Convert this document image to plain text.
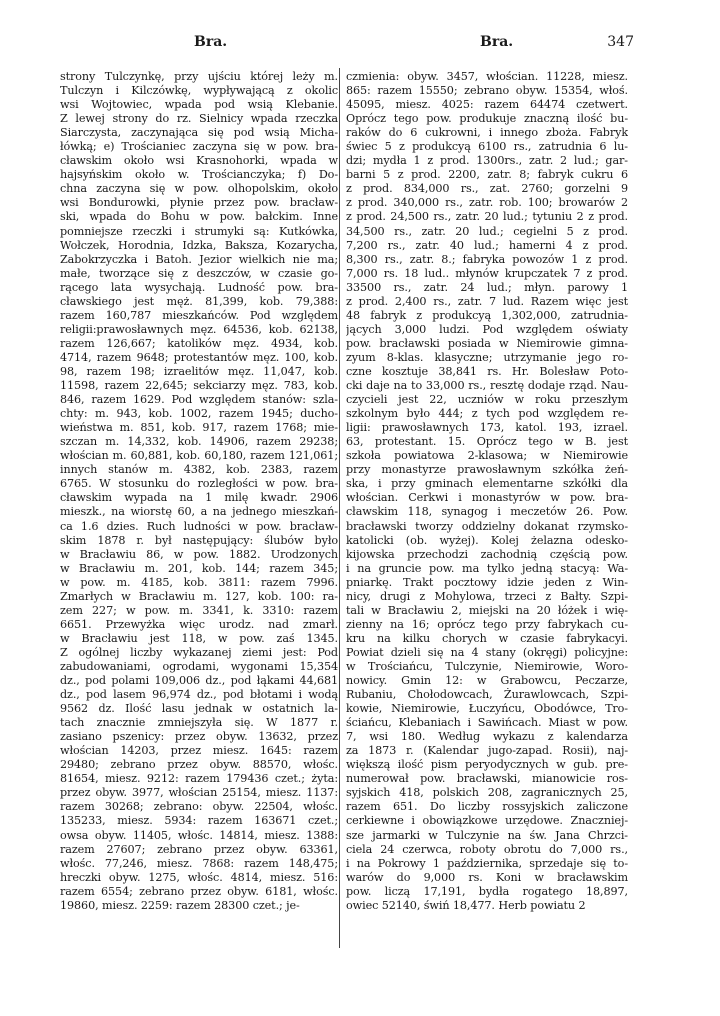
Bra.	Bra.	347
strony Tulczynkę, przy ujściu której leży m.
Tulczyn i Kilczówkę, wypływającą z okolic
wsi Wojtowiec, wpada pod wsią Klebanie.
Z lewej strony do rz. Sielnicy wpada rzeczka
Siarczysta, zaczynająca się pod wsią Micha-
łówką; e) Trościaniec zaczyna się w pow. bra-
cławskim około wsi Krasnohorki, wpada w
hajsyńskim około w. Trościanczyka; f) Do-
chna zaczyna się w pow. olhopolskim, około
wsi Bondurowki, płynie przez pow. bracław-
ski, wpada do Bohu w pow. bałckim. Inne
pomniejsze rzeczki i strumyki są: Kutkówka,
Wołczek, Horodnia, Idzka, Baksza, Kozarycha,
Zabokrzyczka i Batoh. Jezior wielkich nie ma;
małe, tworzące się z deszczów, w czasie go-
rącego lata wysychają. Ludność pow. bra-
cławskiego jest męż. 81,399, kob. 79,388:
razem 160,787 mieszkańców. Pod względem
religii:prawosławnych męz. 64536, kob. 62138,
razem 126,667; katolików męz. 4934, kob.
4714, razem 9648; protestantów męz. 100, kob.
98, razem 198; izraelitów męz. 11,047, kob.
11598, razem 22,645; sekciarzy męz. 783, kob.
846, razem 1629. Pod względem stanów: szla-
chty: m. 943, kob. 1002, razem 1945; ducho-
wieństwa m. 851, kob. 917, razem 1768; mie-
szczan m. 14,332, kob. 14906, razem 29238;
włościan m. 60,881, kob. 60,180, razem 121,061;
innych stanów m. 4382, kob. 2383, razem
6765. W stosunku do rozległości w pow. bra-
cławskim wypada na 1 milę kwadr. 2906
mieszk., na wiorstę 60, a na jednego mieszkań-
ca 1.6 dzies. Ruch ludności w pow. bracław-
skim 1878 r. był następujący: ślubów było
w Bracławiu 86, w pow. 1882. Urodzonych
w Bracławiu m. 201, kob. 144; razem 345;
w pow. m. 4185, kob. 3811: razem 7996.
Zmarłych w Bracławiu m. 127, kob. 100: ra-
zem 227; w pow. m. 3341, k. 3310: razem
6651. Przewyżka więc urodz. nad zmarł.
w Bracławiu jest 118, w pow. zaś 1345.
Z ogólnej liczby wykazanej ziemi jest: Pod
zabudowaniami, ogrodami, wygonami 15,354
dz., pod polami 109,006 dz., pod łąkami 44,681
dz., pod lasem 96,974 dz., pod błotami i wodą
9562 dz. Ilość lasu jednak w ostatnich la-
tach znacznie zmniejszyła się. W 1877 r.
zasiano pszenicy: przez obyw. 13632, przez
włościan 14203, przez miesz. 1645: razem
29480; zebrano przez obyw. 88570, włośc.
81654, miesz. 9212: razem 179436 czet.; żyta:
przez obyw. 3977, włościan 25154, miesz. 1137:
razem 30268; zebrano: obyw. 22504, włośc.
135233, miesz. 5934: razem 163671 czet.;
owsa obyw. 11405, włośc. 14814, miesz. 1388:
razem 27607; zebrano przez obyw. 63361,
włośc. 77,246, miesz. 7868: razem 148,475;
hreczki obyw. 1275, włośc. 4814, miesz. 516:
razem 6554; zebrano przez obyw. 6181, włośc.
19860, miesz. 2259: razem 28300 czet.; je-
czmienia: obyw. 3457, włościan. 11228, miesz.
865: razem 15550; zebrano obyw. 15354, włoś.
45095, miesz. 4025: razem 64474 czetwert.
Oprócz tego pow. produkuje znaczną ilość bu-
raków do 6 cukrowni, i innego zboża. Fabryk
świec 5 z produkcyą 6100 rs., zatrudnia 6 lu-
dzi; mydła 1 z prod. 1300rs., zatr. 2 lud.; gar-
barni 5 z prod. 2200, zatr. 8; fabryk cukru 6
z prod. 834,000 rs., zat. 2760; gorzelni 9
z prod. 340,000 rs., zatr. rob. 100; browarów 2
z prod. 24,500 rs., zatr. 20 lud.; tytuniu 2 z prod.
34,500 rs., zatr. 20 lud.; cegielni 5 z prod.
7,200 rs., zatr. 40 lud.; hamerni 4 z prod.
8,300 rs., zatr. 8.; fabryka powozów 1 z prod.
7,000 rs. 18 lud.. młynów krupczatek 7 z prod.
33500 rs., zatr. 24 lud.; młyn. parowy 1
z prod. 2,400 rs., zatr. 7 lud. Razem więc jest
48 fabryk z produkcyą 1,302,000, zatrudnia-
jących 3,000 ludzi. Pod względem oświaty
pow. bracławski posiada w Niemirowie gimna-
zyum 8-klas. klasyczne; utrzymanie jego ro-
czne kosztuje 38,841 rs. Hr. Bolesław Poto-
cki daje na to 33,000 rs., resztę dodaje rząd. Nau-
czycieli jest 22, uczniów w roku przeszłym
szkolnym było 444; z tych pod względem re-
ligii: prawosławnych 173, katol. 193, izrael.
63, protestant. 15. Oprócz tego w B. jest
szkoła powiatowa 2-klasowa; w Niemirowie
przy monastyrze prawosławnym szkółka żeń-
ska, i przy gminach elementarne szkółki dla
włościan. Cerkwi i monastyrów w pow. bra-
cławskim 118, synagog i meczetów 26. Pow.
bracławski tworzy oddzielny dokanat rzymsko-
katolicki (ob. wyżej). Kolej żelazna odesko-
kijowska przechodzi zachodnią częścią pow.
i na gruncie pow. ma tylko jedną stacyą: Wa-
pniarkę. Trakt pocztowy idzie jeden z Win-
nicy, drugi z Mohylowa, trzeci z Bałty. Szpi-
tali w Bracławiu 2, miejski na 20 łóżek i wię-
zienny na 16; oprócz tego przy fabrykach cu-
kru na kilku chorych w czasie fabrykacyi.
Powiat dzieli się na 4 stany (okręgi) policyjne:
w Trościańcu, Tulczynie, Niemirowie, Woro-
nowicy. Gmin 12: w Grabowcu, Peczarze,
Rubaniu, Chołodowcach, Żurawlowcach, Szpi-
kowie, Niemirowie, Łuczyńcu, Obodówce, Tro-
ściańcu, Klebaniach i Sawińcach. Miast w pow.
7, wsi 180. Według wykazu z kalendarza
za 1873 r. (Kalendar jugo-zapad. Rosii), naj-
większą ilość pism peryodycznych w gub. pre-
numerował pow. bracławski, mianowicie ros-
syjskich 418, polskich 208, zagranicznych 25,
razem 651. Do liczby rossyjskich zaliczone
cerkiewne i obowiązkowe urzędowe. Znaczniej-
sze jarmarki w Tulczynie na św. Jana Chrzci-
ciela 24 czerwca, roboty obrotu do 7,000 rs.,
i na Pokrowy 1 października, sprzedaje się to-
warów do 9,000 rs. Koni w bracławskim
pow. liczą 17,191, bydła rogatego 18,897,
owiec 52140, świń 18,477. Herb powiatu 2
